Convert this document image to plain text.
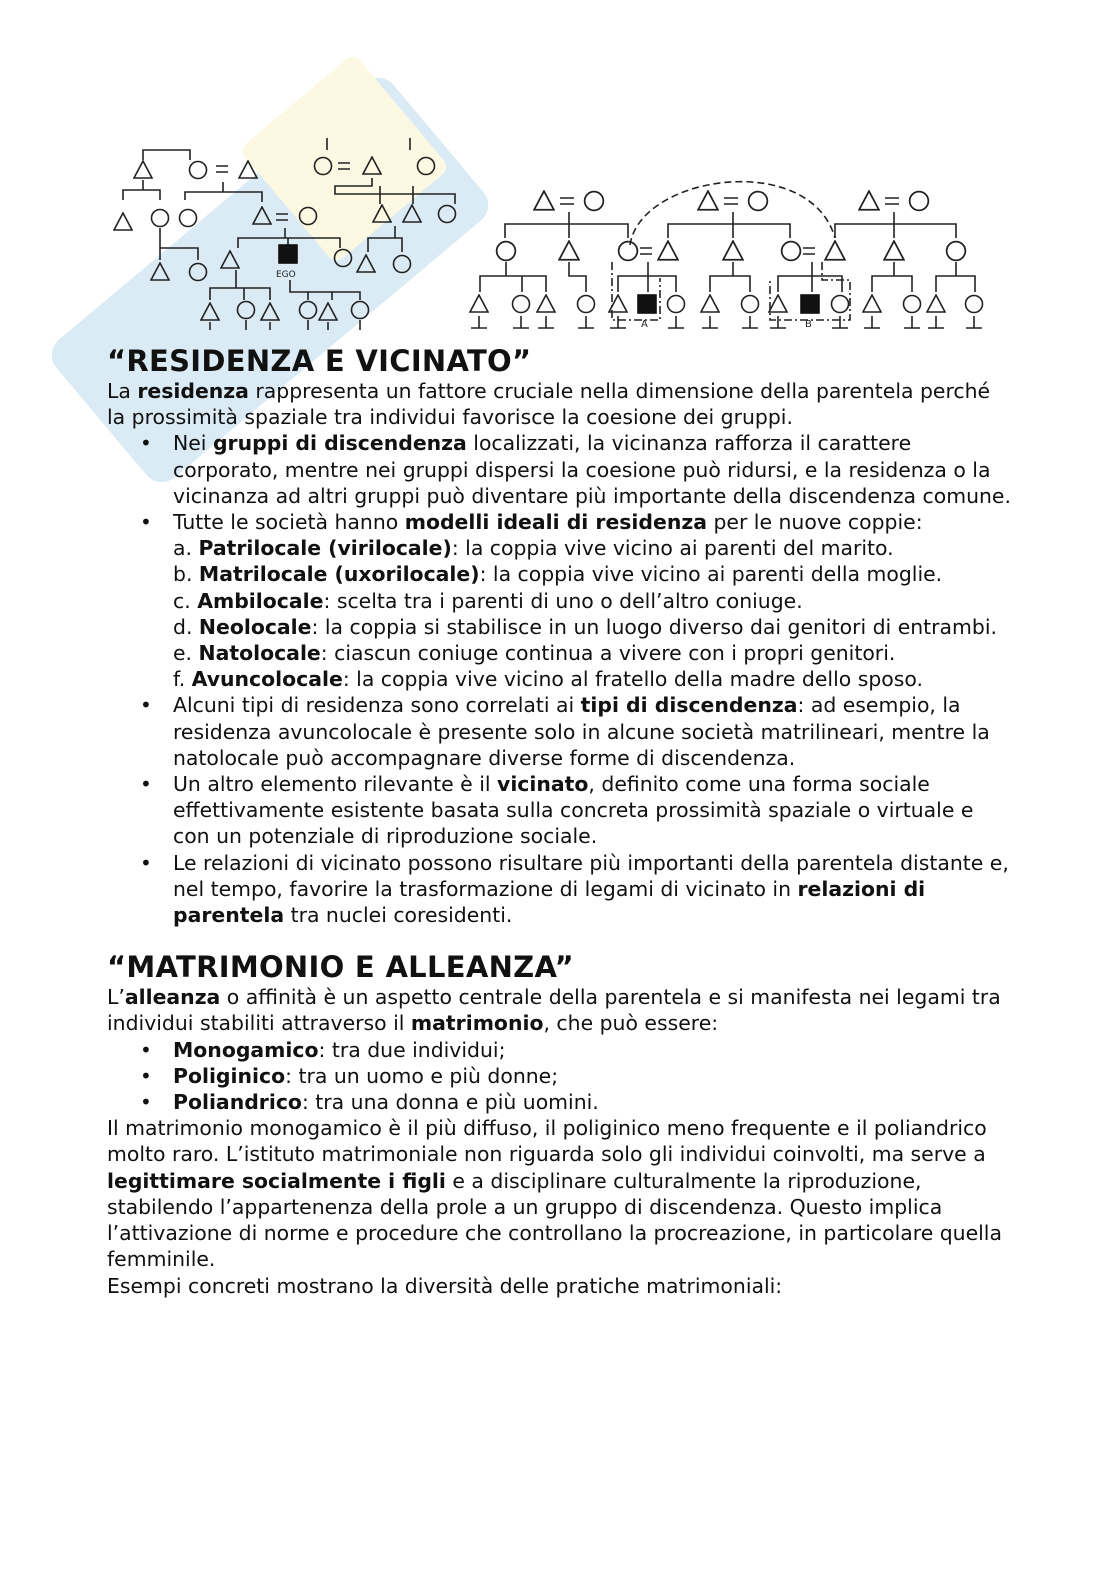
EGO
A	B
“RESIDENZA E VICINATO”

La residenza rappresenta un fattore cruciale nella dimensione della parentela perché la prossimità spaziale tra individui favorisce la coesione dei gruppi.

• Nei gruppi di discendenza localizzati, la vicinanza rafforza il carattere corporato, mentre nei gruppi dispersi la coesione può ridursi, e la residenza o la vicinanza ad altri gruppi può diventare più importante della discendenza comune.
• Tutte le società hanno modelli ideali di residenza per le nuove coppie:
a. Patrilocale (virilocale): la coppia vive vicino ai parenti del marito.
b. Matrilocale (uxorilocale): la coppia vive vicino ai parenti della moglie.
c. Ambilocale: scelta tra i parenti di uno o dell’altro coniuge.
d. Neolocale: la coppia si stabilisce in un luogo diverso dai genitori di entrambi.
e. Natolocale: ciascun coniuge continua a vivere con i propri genitori.
f. Avuncolocale: la coppia vive vicino al fratello della madre dello sposo.
• Alcuni tipi di residenza sono correlati ai tipi di discendenza: ad esempio, la residenza avuncolocale è presente solo in alcune società matrilineari, mentre la natolocale può accompagnare diverse forme di discendenza.
• Un altro elemento rilevante è il vicinato, definito come una forma sociale effettivamente esistente basata sulla concreta prossimità spaziale o virtuale e con un potenziale di riproduzione sociale.
• Le relazioni di vicinato possono risultare più importanti della parentela distante e, nel tempo, favorire la trasformazione di legami di vicinato in relazioni di parentela tra nuclei coresidenti.
“MATRIMONIO E ALLEANZA”

L’alleanza o affinità è un aspetto centrale della parentela e si manifesta nei legami tra individui stabiliti attraverso il matrimonio, che può essere:

• Monogamico: tra due individui;
• Poliginico: tra un uomo e più donne;
• Poliandrico: tra una donna e più uomini.

Il matrimonio monogamico è il più diffuso, il poliginico meno frequente e il poliandrico molto raro. L’istituto matrimoniale non riguarda solo gli individui coinvolti, ma serve a legittimare socialmente i figli e a disciplinare culturalmente la riproduzione, stabilendo l’appartenenza della prole a un gruppo di discendenza. Questo implica l’attivazione di norme e procedure che controllano la procreazione, in particolare quella femminile.

Esempi concreti mostrano la diversità delle pratiche matrimoniali:
